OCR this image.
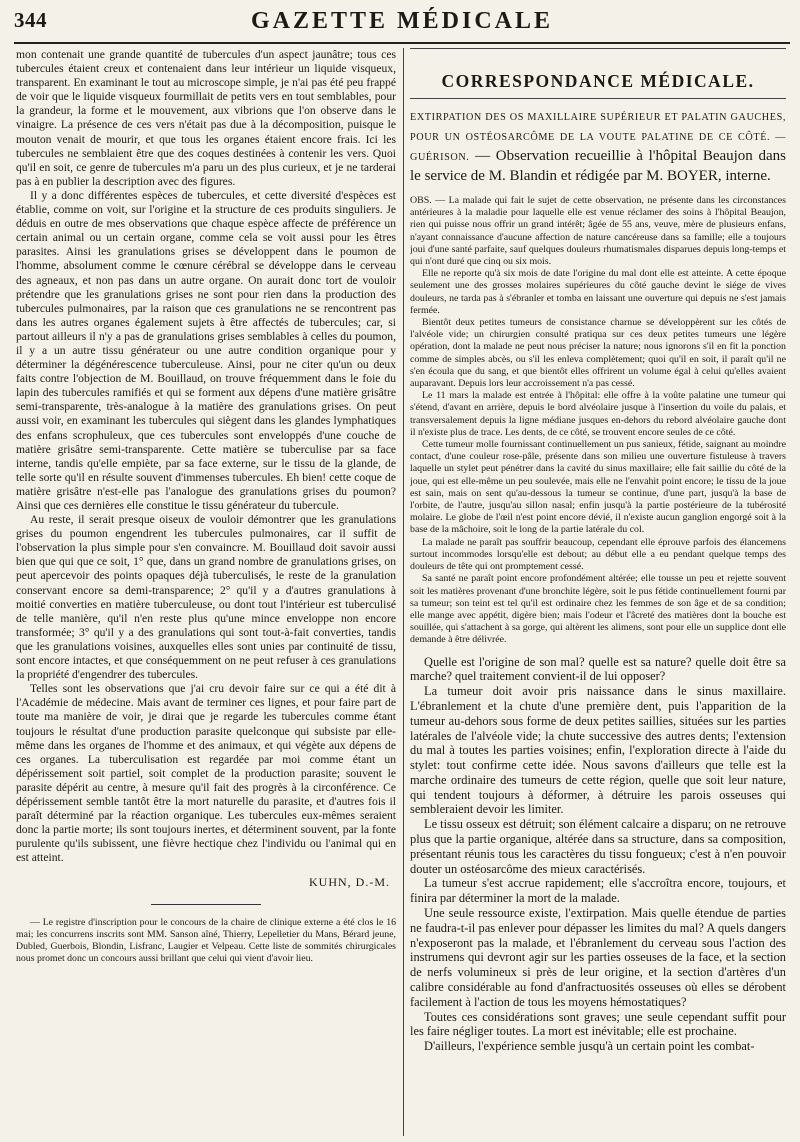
344	GAZETTE MÉDICALE

mon contenait une grande quantité de tubercules d'un aspect jaunâtre; tous ces tubercules étaient creux et contenaient dans leur intérieur un liquide visqueux, transparent. En examinant le tout au microscope simple, je n'ai pas été peu frappé de voir que le liquide visqueux fourmillait de petits vers en tout semblables, pour la grandeur, la forme et le mouvement, aux vibrions que l'on observe dans le vinaigre. La présence de ces vers n'était pas due à la décomposition, puisque le mouton venait de mourir, et que tous les organes étaient encore frais. Ici les tubercules ne semblaient être que des coques destinées à contenir les vers. Quoi qu'il en soit, ce genre de tubercules m'a paru un des plus curieux, et je ne tarderai pas à en publier la description avec des figures.

Il y a donc différentes espèces de tubercules, et cette diversité d'espèces est établie, comme on voit, sur l'origine et la structure de ces produits singuliers. Je déduis en outre de mes observations que chaque espèce affecte de préférence un certain animal ou un certain organe, comme cela se voit aussi pour les êtres parasites. Ainsi les granulations grises se développent dans le poumon de l'homme, absolument comme le cœnure cérébral se développe dans le cerveau des agneaux, et non pas dans un autre organe. On aurait donc tort de vouloir prétendre que les granulations grises ne sont pour rien dans la production des tubercules pulmonaires, par la raison que ces granulations ne se rencontrent pas dans les autres organes également sujets à être affectés de tubercules; car, si partout ailleurs il n'y a pas de granulations grises semblables à celles du poumon, il y a un autre tissu générateur ou une autre condition organique pour y déterminer la dégénérescence tuberculeuse. Ainsi, pour ne citer qu'un ou deux faits contre l'objection de M. Bouillaud, on trouve fréquemment dans le foie du lapin des tubercules ramifiés et qui se forment aux dépens d'une matière grisâtre semi-transparente, très-analogue à la matière des granulations grises. On peut aussi voir, en examinant les tubercules qui siègent dans les glandes lymphatiques des enfans scrophuleux, que ces tubercules sont enveloppés d'une couche de matière grisâtre semi-transparente. Cette matière se tuberculise par sa face interne, tandis qu'elle empiète, par sa face externe, sur le tissu de la glande, de telle sorte qu'il en résulte souvent d'immenses tubercules. Eh bien! cette coque de matière grisâtre n'est-elle pas l'analogue des granulations grises du poumon? Ainsi que ces dernières elle constitue le tissu générateur du tubercule.

Au reste, il serait presque oiseux de vouloir démontrer que les granulations grises du poumon engendrent les tubercules pulmonaires, car il suffit de l'observation la plus simple pour s'en convaincre. M. Bouillaud doit savoir aussi bien que qui que ce soit, 1° que, dans un grand nombre de granulations grises, on peut apercevoir des points opaques déjà tuberculisés, le reste de la granulation conservant encore sa demi-transparence; 2° qu'il y a d'autres granulations à moitié converties en matière tuberculeuse, ou dont tout l'intérieur est tuberculisé de telle manière, qu'il n'en reste plus qu'une mince enveloppe non encore transformée; 3° qu'il y a des granulations qui sont tout-à-fait converties, tandis que les granulations voisines, auxquelles elles sont unies par continuité de tissu, sont encore intactes, et que conséquemment on ne peut refuser à ces granulations la propriété d'engendrer des tubercules.

Telles sont les observations que j'ai cru devoir faire sur ce qui a été dit à l'Académie de médecine. Mais avant de terminer ces lignes, et pour faire part de toute ma manière de voir, je dirai que je regarde les tubercules comme étant toujours le résultat d'une production parasite quelconque qui subsiste par elle-même dans les organes de l'homme et des animaux, et qui végète aux dépens de ces organes. La tuberculisation est regardée par moi comme étant un dépérissement soit partiel, soit complet de la production parasite; souvent le parasite dépérit au centre, à mesure qu'il fait des progrès à la circonférence. Ce dépérissement semble tantôt être la mort naturelle du parasite, et d'autres fois il paraît déterminé par la réaction organique. Les tubercules eux-mêmes seraient donc la partie morte; ils sont toujours inertes, et déterminent souvent, par la fonte purulente qu'ils subissent, une fièvre hectique chez l'individu ou l'animal qui en est atteint.

KUHN, D.-M.

— Le registre d'inscription pour le concours de la chaire de clinique externe a été clos le 16 mai; les concurrens inscrits sont MM. Sanson aîné, Thierry, Lepelletier du Mans, Bérard jeune, Dubled, Guerbois, Blondin, Lisfranc, Laugier et Velpeau. Cette liste de sommités chirurgicales nous promet donc un concours aussi brillant que celui qui vient d'avoir lieu.

CORRESPONDANCE MÉDICALE.
EXTIRPATION DES OS MAXILLAIRE SUPÉRIEUR ET PALATIN GAUCHES, POUR UN OSTÉOSARCÔME DE LA VOUTE PALATINE DE CE CÔTÉ. — GUÉRISON. — Observation recueillie à l'hôpital Beaujon dans le service de M. Blandin et rédigée par M. BOYER, interne.

OBS. — La malade qui fait le sujet de cette observation, ne présente dans les circonstances antérieures à la maladie pour laquelle elle est venue réclamer des soins à l'hôpital Beaujon, rien qui puisse nous offrir un grand intérêt; âgée de 55 ans, veuve, mère de plusieurs enfans, n'ayant connaissance d'aucune affection de nature cancéreuse dans sa famille; elle a toujours joui d'une santé parfaite, sauf quelques douleurs rhumatismales disparues depuis long-temps et qui n'ont duré que cinq ou six mois.

Elle ne reporte qu'à six mois de date l'origine du mal dont elle est atteinte. A cette époque seulement une des grosses molaires supérieures du côté gauche devint le siége de vives douleurs, ne tarda pas à s'ébranler et tomba en laissant une ouverture qui depuis ne s'est jamais fermée.

Bientôt deux petites tumeurs de consistance charnue se développèrent sur les côtés de l'alvéole vide; un chirurgien consulté pratiqua sur ces deux petites tumeurs une légère opération, dont la malade ne peut nous préciser la nature; nous ignorons s'il en fit la ponction comme de simples abcès, ou s'il les enleva complètement; quoi qu'il en soit, il paraît qu'il ne s'en écoula que du sang, et que bientôt elles offrirent un volume égal à celui qu'elles avaient auparavant. Depuis lors leur accroissement n'a pas cessé.

Le 11 mars la malade est entrée à l'hôpital: elle offre à la voûte palatine une tumeur qui s'étend, d'avant en arrière, depuis le bord alvéolaire jusque à l'insertion du voile du palais, et transversalement depuis la ligne médiane jusques en-dehors du rebord alvéolaire gauche dont il n'existe plus de trace. Les dents, de ce côté, se trouvent encore seules de ce côté.

Cette tumeur molle fournissant continuellement un pus sanieux, fétide, saignant au moindre contact, d'une couleur rose-pâle, présente dans son milieu une ouverture fistuleuse à travers laquelle un stylet peut pénétrer dans la cavité du sinus maxillaire; elle fait saillie du côté de la joue, qui est elle-même un peu soulevée, mais elle ne l'envahit point encore; le tissu de la joue est sain, mais on sent qu'au-dessous la tumeur se continue, d'une part, jusqu'à la base de l'orbite, de l'autre, jusqu'au sillon nasal; enfin jusqu'à la partie postérieure de la tubérosité molaire. Le globe de l'œil n'est point encore dévié, il n'existe aucun ganglion engorgé soit à la base de la mâchoire, soit le long de la partie latérale du col.

La malade ne paraît pas souffrir beaucoup, cependant elle éprouve parfois des élancemens surtout incommodes lorsqu'elle est debout; au début elle a eu pendant quelque temps des douleurs de tête qui ont promptement cessé.

Sa santé ne paraît point encore profondément altérée; elle tousse un peu et rejette souvent soit les matières provenant d'une bronchite légère, soit le pus fétide continuellement fourni par sa tumeur; son teint est tel qu'il est ordinaire chez les femmes de son âge et de sa condition; elle mange avec appétit, digère bien; mais l'odeur et l'âcreté des matières dont la bouche est souillée, qui s'attachent à sa gorge, qui altèrent les alimens, sont pour elle un supplice dont elle demande à être délivrée.

Quelle est l'origine de son mal? quelle est sa nature? quelle doit être sa marche? quel traitement convient-il de lui opposer?

La tumeur doit avoir pris naissance dans le sinus maxillaire. L'ébranlement et la chute d'une première dent, puis l'apparition de la tumeur au-dehors sous forme de deux petites saillies, situées sur les parties latérales de l'alvéole vide; la chute successive des autres dents; l'extension du mal à toutes les parties voisines; enfin, l'exploration directe à l'aide du stylet: tout confirme cette idée. Nous savons d'ailleurs que telle est la marche ordinaire des tumeurs de cette région, quelle que soit leur nature, qui tendent toujours à déformer, à détruire les parois osseuses qui sembleraient devoir les limiter.

Le tissu osseux est détruit; son élément calcaire a disparu; on ne retrouve plus que la partie organique, altérée dans sa structure, dans sa composition, présentant réunis tous les caractères du tissu fongueux; c'est à n'en pouvoir douter un ostéosarcôme des mieux caractérisés.

La tumeur s'est accrue rapidement; elle s'accroîtra encore, toujours, et finira par déterminer la mort de la malade.

Une seule ressource existe, l'extirpation. Mais quelle étendue de parties ne faudra-t-il pas enlever pour dépasser les limites du mal? A quels dangers n'exposeront pas la malade, et l'ébranlement du cerveau sous l'action des instrumens qui devront agir sur les parties osseuses de la face, et la section de nerfs volumineux si près de leur origine, et la section d'artères d'un calibre considérable au fond d'anfractuosités osseuses où elles se dérobent facilement à l'action de tous les moyens hémostatiques?

Toutes ces considérations sont graves; une seule cependant suffit pour les faire négliger toutes. La mort est inévitable; elle est prochaine.

D'ailleurs, l'expérience semble jusqu'à un certain point les combat-
